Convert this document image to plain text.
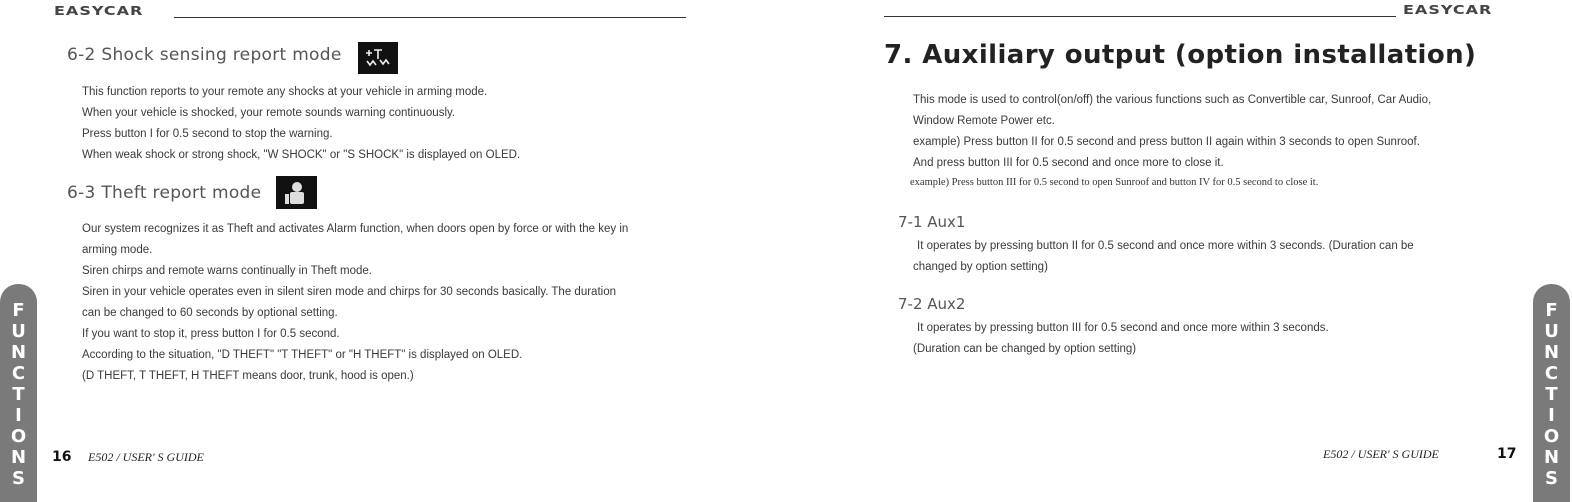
EASYCAR
6-2 Shock sensing report mode

This function reports to your remote any shocks at your vehicle in arming mode.

When your vehicle is shocked, your remote sounds warning continuously.

Press button I for 0.5 second to stop the warning.

When weak shock or strong shock, "W SHOCK" or "S SHOCK" is displayed on OLED.

6-3 Theft report mode

Our system recognizes it as Theft and activates Alarm function, when doors open by force or with the key in

arming mode.

Siren chirps and remote warns continually in Theft mode.

Siren in your vehicle operates even in silent siren mode and chirps for 30 seconds basically. The duration

can be changed to 60 seconds by optional setting.

If you want to stop it, press button I for 0.5 second.

According to the situation, "D THEFT" "T THEFT" or "H THEFT" is displayed on OLED.

(D THEFT, T THEFT, H THEFT means door, trunk, hood is open.)

F
U
N
C
T
I
O
N
S
16 E502 / USER' S GUIDE
EASYCAR
7. Auxiliary output (option installation)

This mode is used to control(on/off) the various functions such as Convertible car, Sunroof, Car Audio,

Window Remote Power etc.

example) Press button II for 0.5 second and press button II again within 3 seconds to open Sunroof.

And press button III for 0.5 second and once more to close it.

example) Press button III for 0.5 second to open Sunroof and button IV for 0.5 second to close it.
7-1 Aux1

It operates by pressing button II for 0.5 second and once more within 3 seconds. (Duration can be

changed by option setting)

7-2 Aux2

It operates by pressing button III for 0.5 second and once more within 3 seconds.

(Duration can be changed by option setting)

F
U
N
C
T
I
O
N
S
E502 / USER' S GUIDE	17
